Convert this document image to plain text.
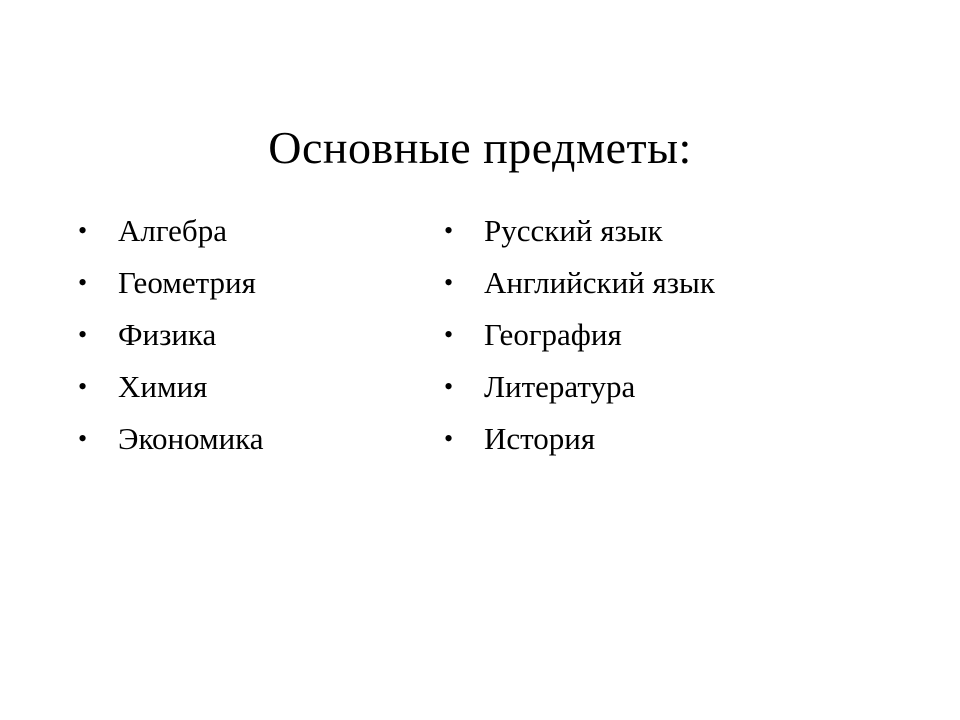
Основные предметы:
• Алгебра
• Геометрия
• Физика
• Химия
• Экономика
• Русский язык
• Английский язык
• География
• Литература
• История
